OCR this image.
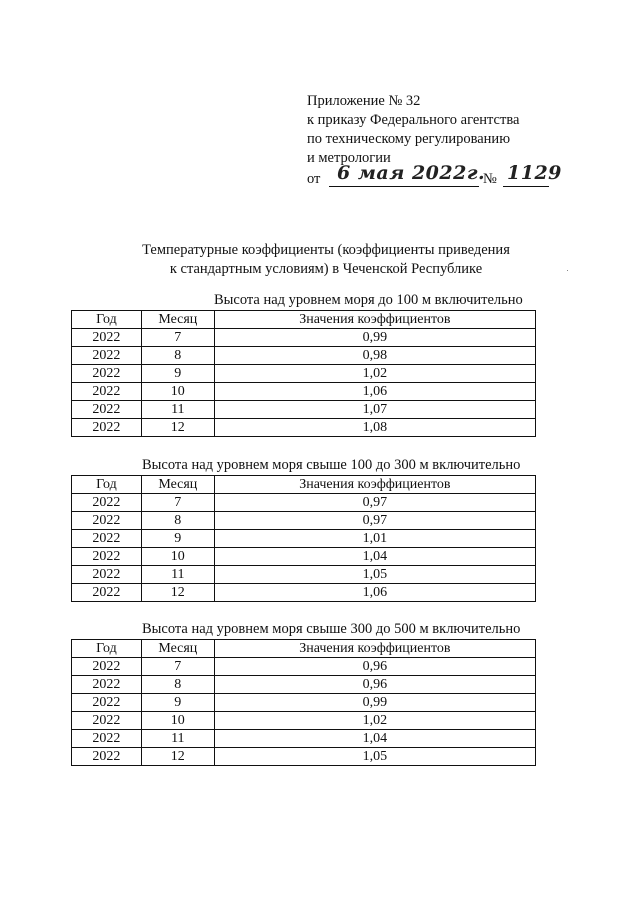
Приложение № 32
к приказу Федерального агентства
по техническому регулированию
и метрологии
от 6 мая 2022г.
№ 1129
Температурные коэффициенты (коэффициенты приведения
к стандартным условиям) в Чеченской Республике
Высота над уровнем моря до 100 м включительно
Год	Месяц	Значения коэффициентов
2022	7	0,99
2022	8	0,98
2022	9	1,02
2022	10	1,06
2022	11	1,07
2022	12	1,08
Высота над уровнем моря свыше 100 до 300 м включительно
Год	Месяц	Значения коэффициентов
2022	7	0,97
2022	8	0,97
2022	9	1,01
2022	10	1,04
2022	11	1,05
2022	12	1,06
Высота над уровнем моря свыше 300 до 500 м включительно
Год	Месяц	Значения коэффициентов
2022	7	0,96
2022	8	0,96
2022	9	0,99
2022	10	1,02
2022	11	1,04
2022	12	1,05
